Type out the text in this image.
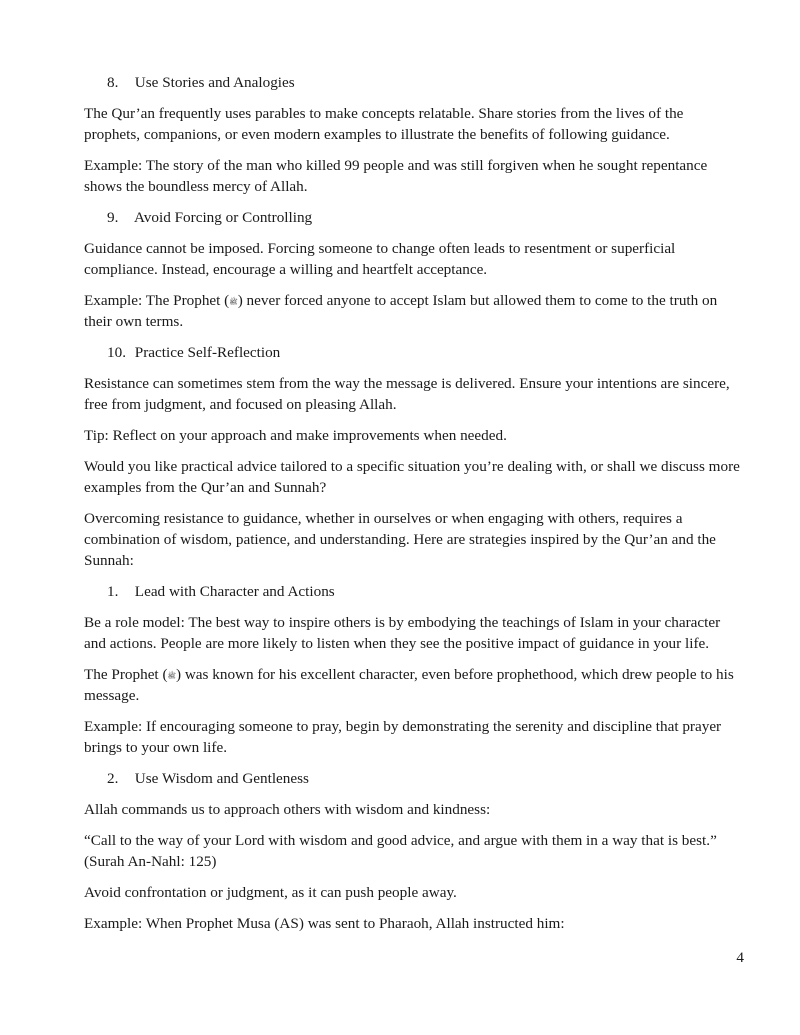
8. Use Stories and Analogies

The Qur’an frequently uses parables to make concepts relatable. Share stories from the lives of the prophets, companions, or even modern examples to illustrate the benefits of following guidance.

Example: The story of the man who killed 99 people and was still forgiven when he sought repentance shows the boundless mercy of Allah.

9. Avoid Forcing or Controlling

Guidance cannot be imposed. Forcing someone to change often leads to resentment or superficial compliance. Instead, encourage a willing and heartfelt acceptance.

Example: The Prophet (ﷺ) never forced anyone to accept Islam but allowed them to come to the truth on their own terms.

10. Practice Self-Reflection

Resistance can sometimes stem from the way the message is delivered. Ensure your intentions are sincere, free from judgment, and focused on pleasing Allah.

Tip: Reflect on your approach and make improvements when needed.

Would you like practical advice tailored to a specific situation you’re dealing with, or shall we discuss more examples from the Qur’an and Sunnah?

Overcoming resistance to guidance, whether in ourselves or when engaging with others, requires a combination of wisdom, patience, and understanding. Here are strategies inspired by the Qur’an and the Sunnah:

1. Lead with Character and Actions

Be a role model: The best way to inspire others is by embodying the teachings of Islam in your character and actions. People are more likely to listen when they see the positive impact of guidance in your life.

The Prophet (ﷺ) was known for his excellent character, even before prophethood, which drew people to his message.

Example: If encouraging someone to pray, begin by demonstrating the serenity and discipline that prayer brings to your own life.

2. Use Wisdom and Gentleness

Allah commands us to approach others with wisdom and kindness:

“Call to the way of your Lord with wisdom and good advice, and argue with them in a way that is best.” (Surah An-Nahl: 125)

Avoid confrontation or judgment, as it can push people away.

Example: When Prophet Musa (AS) was sent to Pharaoh, Allah instructed him:

4
